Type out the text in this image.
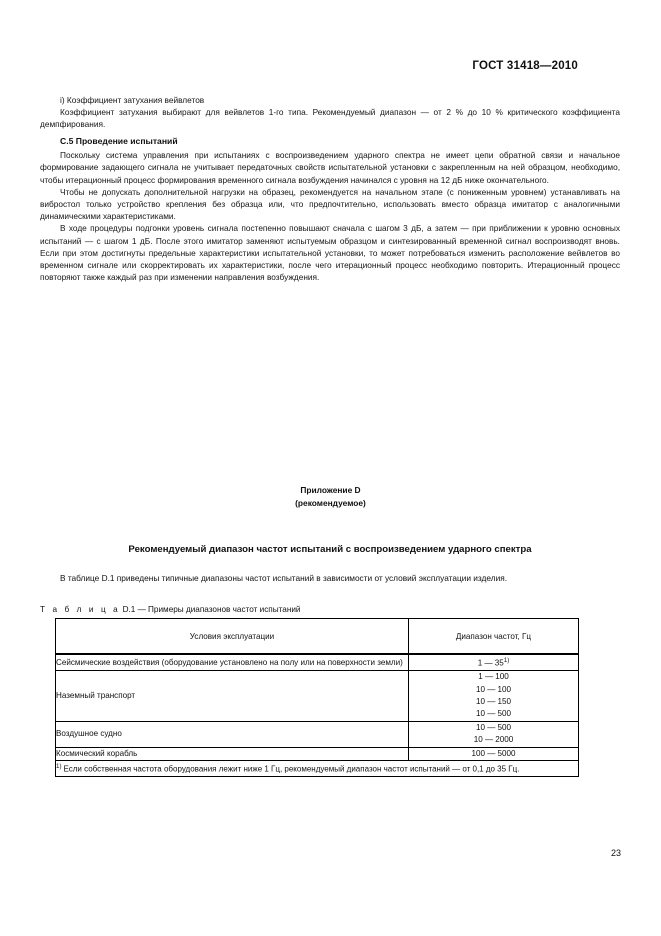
ГОСТ 31418—2010

i) Коэффициент затухания вейвлетов

Коэффициент затухания выбирают для вейвлетов 1-го типа. Рекомендуемый диапазон — от 2 % до 10 % критического коэффициента демпфирования.

C.5 Проведение испытаний

Поскольку система управления при испытаниях с воспроизведением ударного спектра не имеет цепи обратной связи и начальное формирование задающего сигнала не учитывает передаточных свойств испытательной установки с закрепленным на ней образцом, необходимо, чтобы итерационный процесс формирования временного сигнала возбуждения начинался с уровня на 12 дБ ниже окончательного.

Чтобы не допускать дополнительной нагрузки на образец, рекомендуется на начальном этапе (с пониженным уровнем) устанавливать на вибростол только устройство крепления без образца или, что предпочтительно, использовать вместо образца имитатор с аналогичными динамическими характеристиками.

В ходе процедуры подгонки уровень сигнала постепенно повышают сначала с шагом 3 дБ, а затем — при приближении к уровню основных испытаний — с шагом 1 дБ. После этого имитатор заменяют испытуемым образцом и синтезированный временной сигнал воспроизводят вновь. Если при этом достигнуты предельные характеристики испытательной установки, то может потребоваться изменить расположение вейвлетов во временном сигнале или скорректировать их характеристики, после чего итерационный процесс необходимо повторить. Итерационный процесс повторяют также каждый раз при изменении направления возбуждения.

Приложение D
(рекомендуемое)
Рекомендуемый диапазон частот испытаний с воспроизведением ударного спектра
В таблице D.1 приведены типичные диапазоны частот испытаний в зависимости от условий эксплуатации изделия.
Т а б л и ц а D.1 — Примеры диапазонов частот испытаний
Условия эксплуатации	Диапазон частот, Гц
Сейсмические воздействия (оборудование установлено на полу или на поверхности земли)	1 — 35$^{1)}$

Наземный транспорт	1 — 100
10 — 100
10 — 150
10 — 500

Воздушное судно	10 — 500
10 — 2000

Космический корабль	100 — 5000

$^{1)}$ Если собственная частота оборудования лежит ниже 1 Гц, рекомендуемый диапазон частот испытаний — от 0,1 до 35 Гц.	
23
